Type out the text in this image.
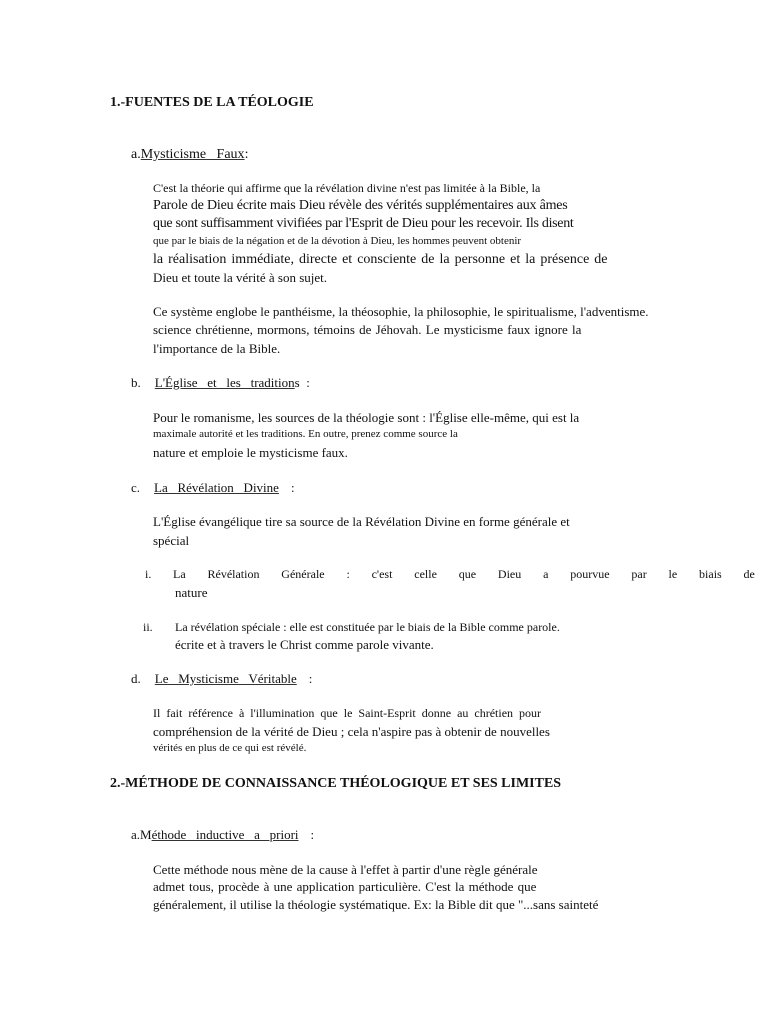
1.-FUENTES DE LA TÉOLOGIE
a.Mysticisme   Faux:
C'est la théorie qui affirme que la révélation divine n'est pas limitée à la Bible, la
Parole de Dieu écrite mais Dieu révèle des vérités supplémentaires aux âmes
que sont suffisamment vivifiées par l'Esprit de Dieu pour les recevoir. Ils disent
que par le biais de la négation et de la dévotion à Dieu, les hommes peuvent obtenir
la réalisation immédiate, directe et consciente de la personne et la présence de
Dieu et toute la vérité à son sujet.
Ce système englobe le panthéisme, la théosophie, la philosophie, le spiritualisme, l'adventisme.
science chrétienne, mormons, témoins de Jéhovah. Le mysticisme faux ignore la
l'importance de la Bible.
b. L'Église   et   les   traditions  :
Pour le romanisme, les sources de la théologie sont : l'Église elle-même, qui est la
maximale autorité et les traditions. En outre, prenez comme source la
nature et emploie le mysticisme faux.
c. La   Révélation   Divine :
L'Église évangélique tire sa source de la Révélation Divine en forme générale et
spécial
i. La Révélation Générale : c'est celle que Dieu a pourvue par le biais de
nature
ii. La révélation spéciale : elle est constituée par le biais de la Bible comme parole.
écrite et à travers le Christ comme parole vivante.
d. Le   Mysticisme   Véritable :
Il fait référence à l'illumination que le Saint-Esprit donne au chrétien pour
compréhension de la vérité de Dieu ; cela n'aspire pas à obtenir de nouvelles
vérités en plus de ce qui est révélé.
2.-MÉTHODE DE CONNAISSANCE THÉOLOGIQUE ET SES LIMITES
a.Méthode   inductive   a   priori :
Cette méthode nous mène de la cause à l'effet à partir d'une règle générale
admet tous, procède à une application particulière. C'est la méthode que
généralement, il utilise la théologie systématique. Ex: la Bible dit que "...sans sainteté
